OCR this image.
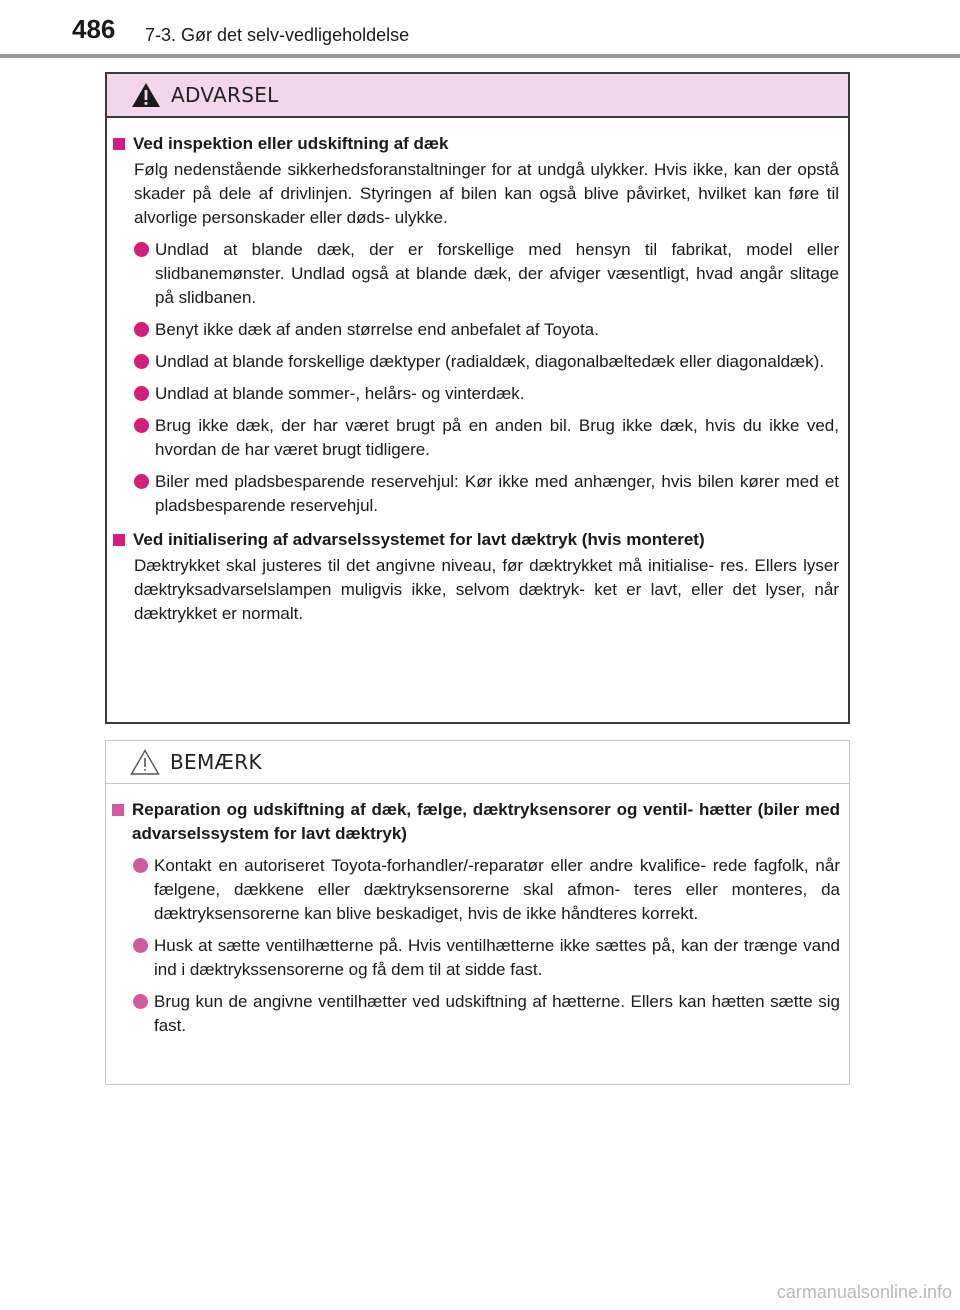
486 7-3. Gør det selv-vedligeholdelse
ADVARSEL
Ved inspektion eller udskiftning af dæk
Følg nedenstående sikkerhedsforanstaltninger for at undgå ulykker. Hvis ikke, kan der opstå skader på dele af drivlinjen. Styringen af bilen kan også blive påvirket, hvilket kan føre til alvorlige personskader eller døds- ulykke.
Undlad at blande dæk, der er forskellige med hensyn til fabrikat, model eller slidbanemønster. Undlad også at blande dæk, der afviger væsentligt, hvad angår slitage på slidbanen.
Benyt ikke dæk af anden størrelse end anbefalet af Toyota.
Undlad at blande forskellige dæktyper (radialdæk, diagonalbæltedæk eller diagonaldæk).
Undlad at blande sommer-, helårs- og vinterdæk.
Brug ikke dæk, der har været brugt på en anden bil. Brug ikke dæk, hvis du ikke ved, hvordan de har været brugt tidligere.
Biler med pladsbesparende reservehjul: Kør ikke med anhænger, hvis bilen kører med et pladsbesparende reservehjul.
Ved initialisering af advarselssystemet for lavt dæktryk (hvis monteret)
Dæktrykket skal justeres til det angivne niveau, før dæktrykket må initialise- res. Ellers lyser dæktryksadvarselslampen muligvis ikke, selvom dæktryk- ket er lavt, eller det lyser, når dæktrykket er normalt.
BEMÆRK
Reparation og udskiftning af dæk, fælge, dæktryksensorer og ventil- hætter (biler med advarselssystem for lavt dæktryk)
Kontakt en autoriseret Toyota-forhandler/-reparatør eller andre kvalifice- rede fagfolk, når fælgene, dækkene eller dæktryksensorerne skal afmon- teres eller monteres, da dæktryksensorerne kan blive beskadiget, hvis de ikke håndteres korrekt.
Husk at sætte ventilhætterne på. Hvis ventilhætterne ikke sættes på, kan der trænge vand ind i dæktrykssensorerne og få dem til at sidde fast.
Brug kun de angivne ventilhætter ved udskiftning af hætterne. Ellers kan hætten sætte sig fast.
carmanualsonline.info
